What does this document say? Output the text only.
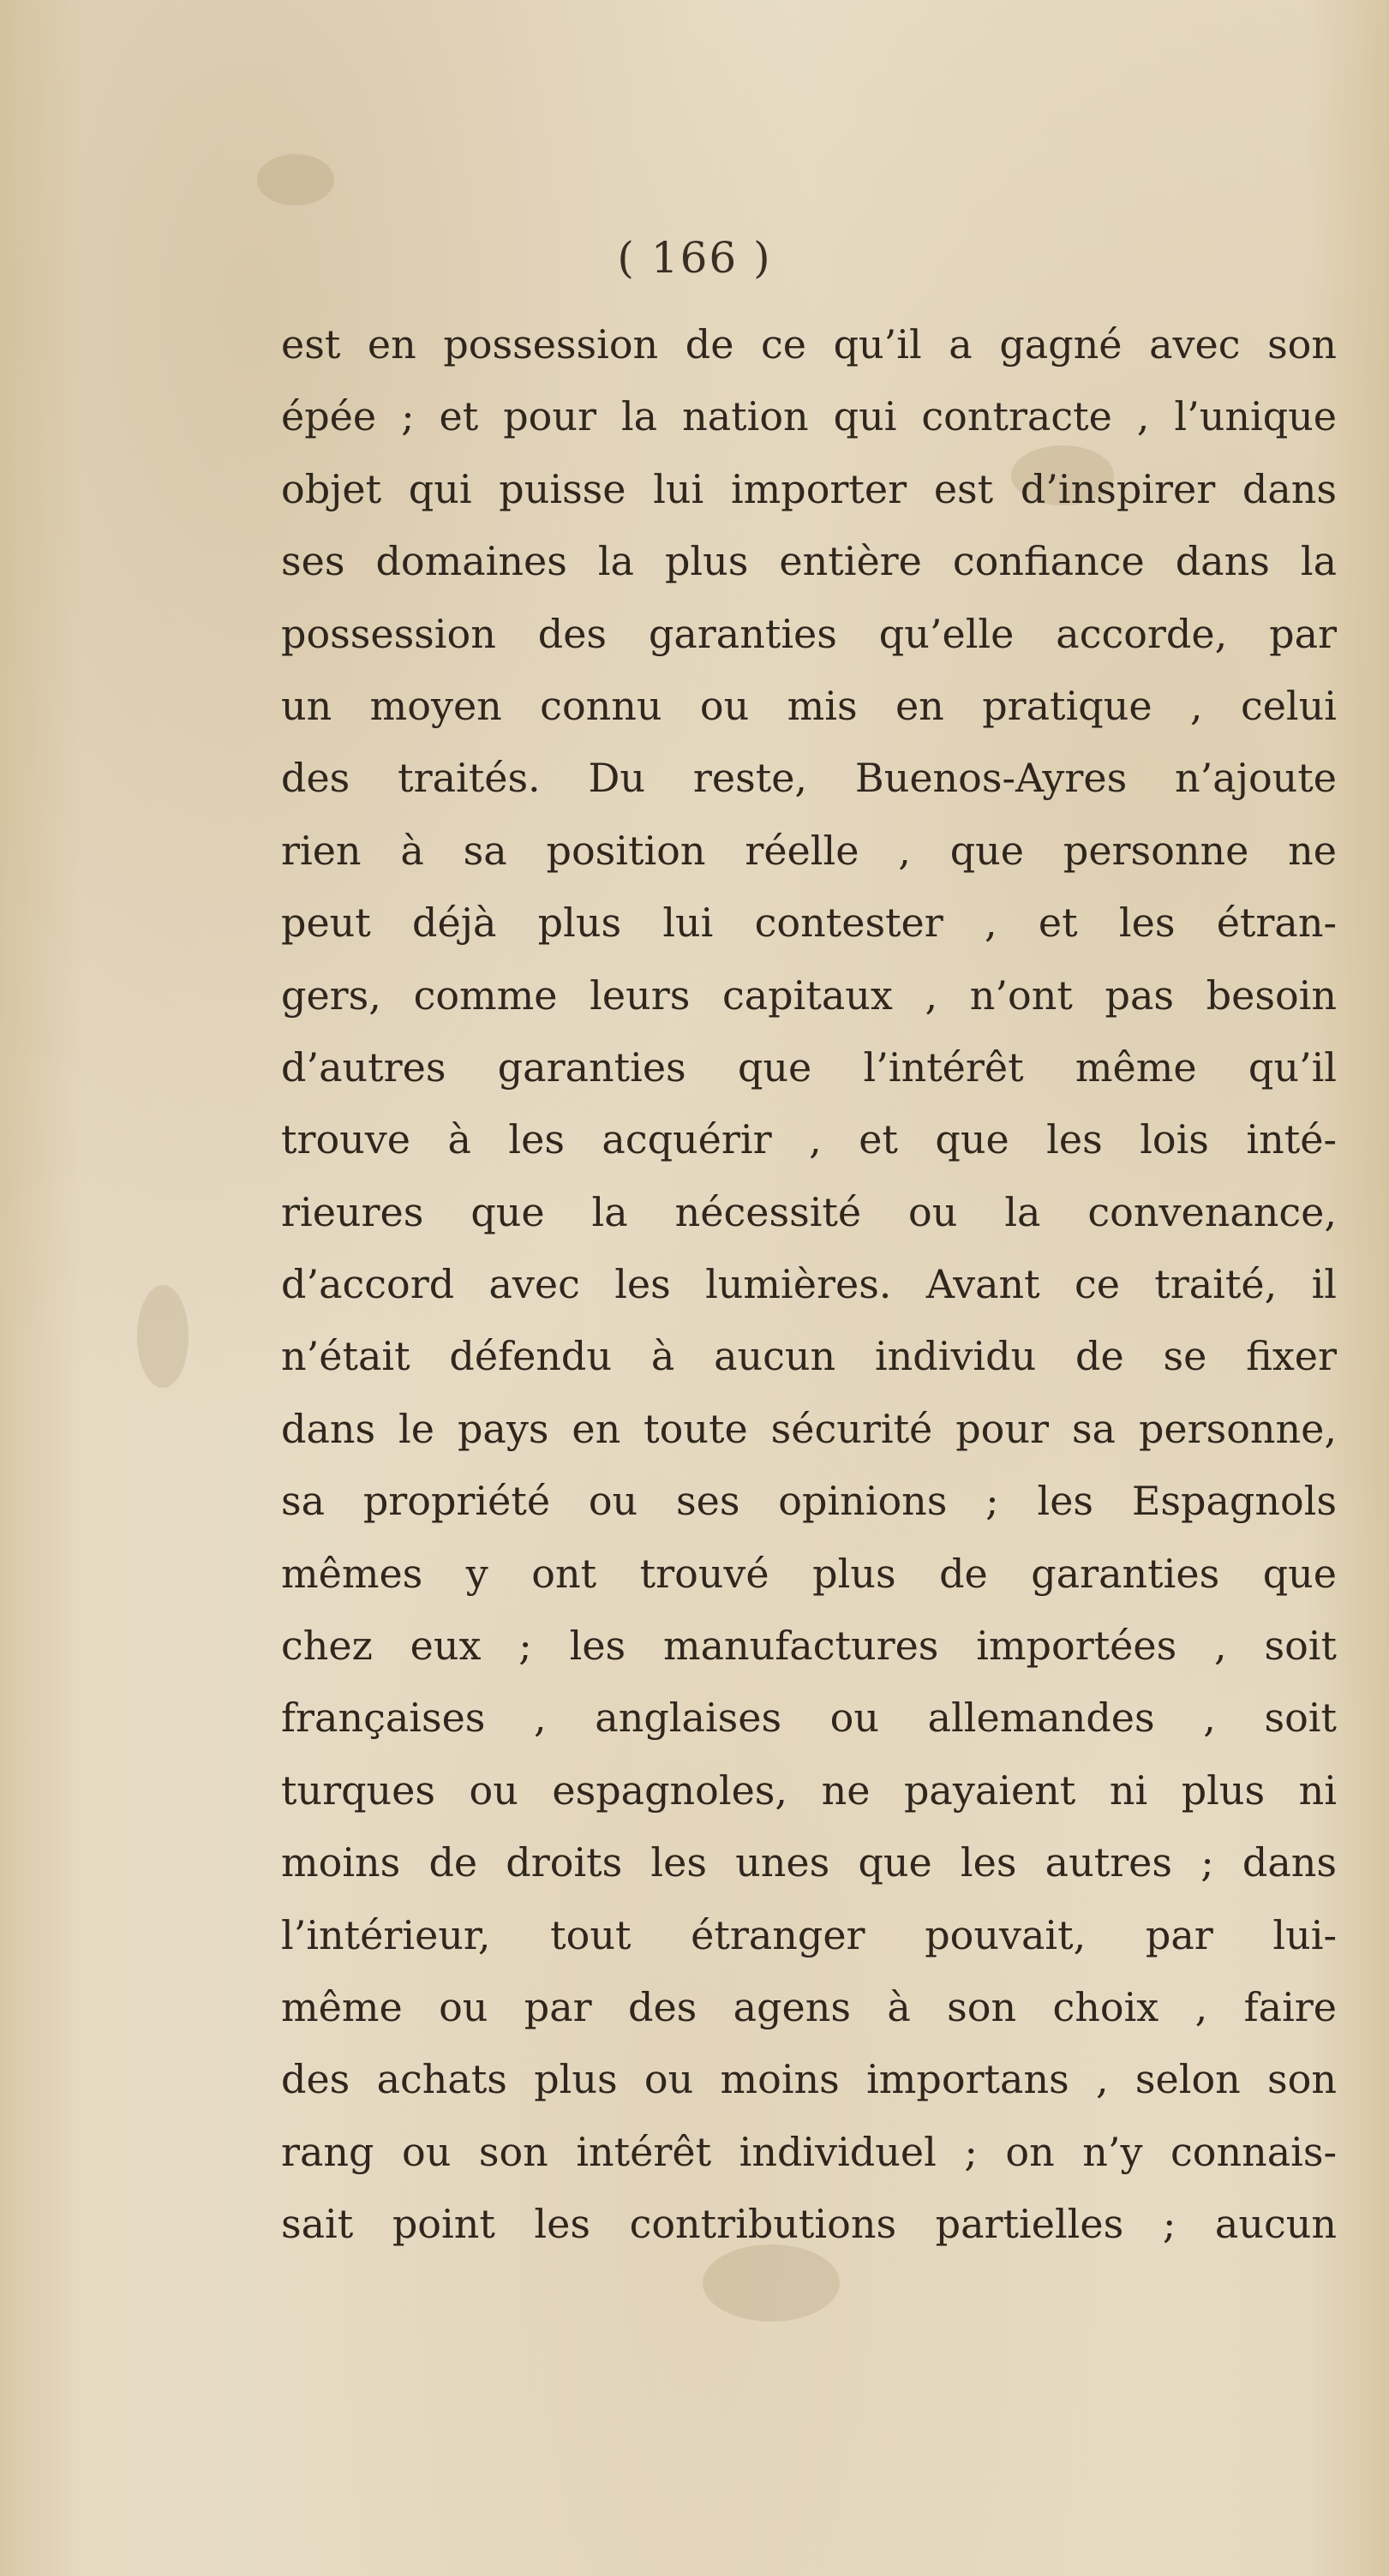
( 166 )
est en possession de ce qu’il a gagné avec son
épée ; et pour la nation qui contracte , l’unique
objet qui puisse lui importer est d’inspirer dans
ses domaines la plus entière confiance dans la
possession des garanties qu’elle accorde, par
un moyen connu ou mis en pratique , celui
des traités. Du reste, Buenos-Ayres n’ajoute
rien à sa position réelle , que personne ne
peut déjà plus lui contester , et les étran-
gers, comme leurs capitaux , n’ont pas besoin
d’autres garanties que l’intérêt même qu’il
trouve à les acquérir , et que les lois inté-
rieures que la nécessité ou la convenance,
d’accord avec les lumières. Avant ce traité, il
n’était défendu à aucun individu de se fixer
dans le pays en toute sécurité pour sa personne,
sa propriété ou ses opinions ; les Espagnols
mêmes y ont trouvé plus de garanties que
chez eux ; les manufactures importées , soit
françaises , anglaises ou allemandes , soit
turques ou espagnoles, ne payaient ni plus ni
moins de droits les unes que les autres ; dans
l’intérieur, tout étranger pouvait, par lui-
même ou par des agens à son choix , faire
des achats plus ou moins importans , selon son
rang ou son intérêt individuel ; on n’y connais-
sait point les contributions partielles ; aucun
